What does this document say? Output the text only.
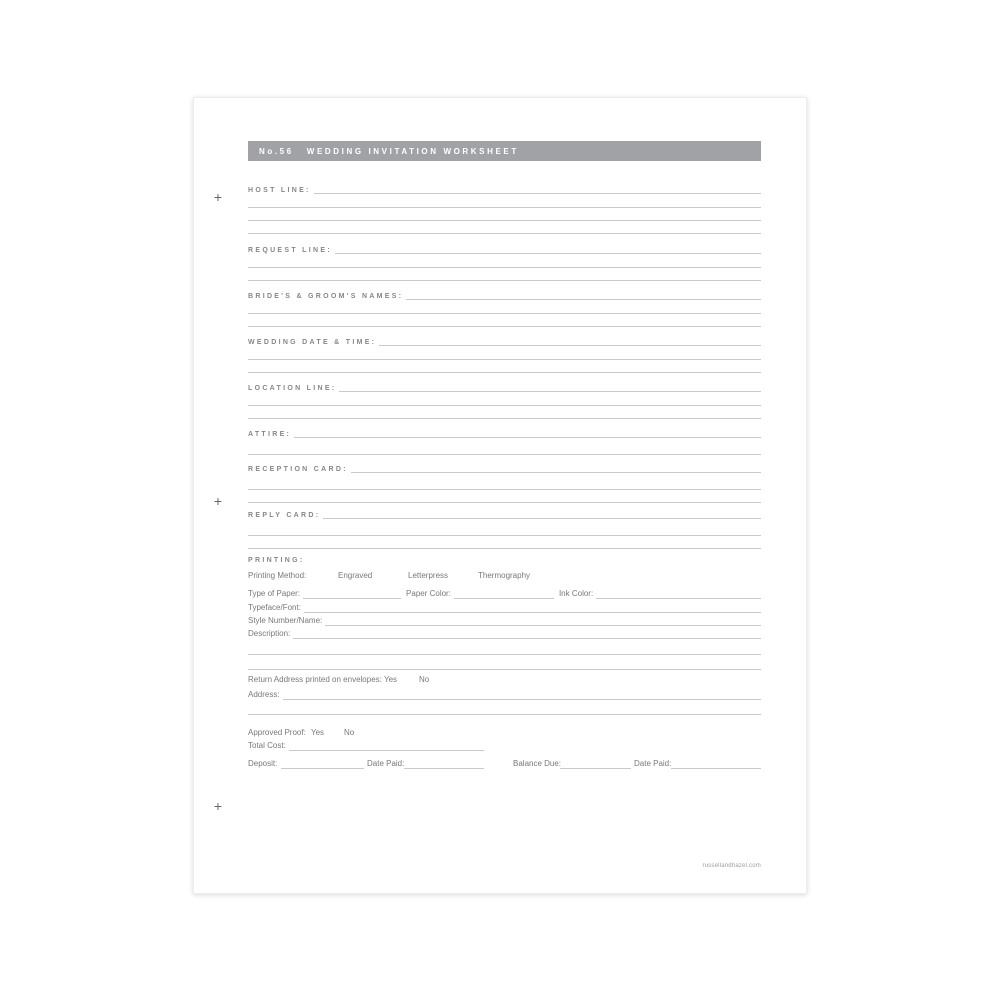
No.56 WEDDING INVITATION WORKSHEET
+
+
+
HOST LINE:
REQUEST LINE:
BRIDE'S & GROOM'S NAMES:
WEDDING DATE & TIME:
LOCATION LINE:
ATTIRE:
RECEPTION CARD:
REPLY CARD:
PRINTING:
Printing Method:	Engraved	Letterpress	Thermography
Type of Paper:	Paper Color:	Ink Color:
Typeface/Font:
Style Number/Name:
Description:
Return Address printed on envelopes: Yes	No
Address:
Approved Proof: Yes No
Total Cost:
Deposit:	Date Paid:	Balance Due:	Date Paid:
russellandhazel.com
